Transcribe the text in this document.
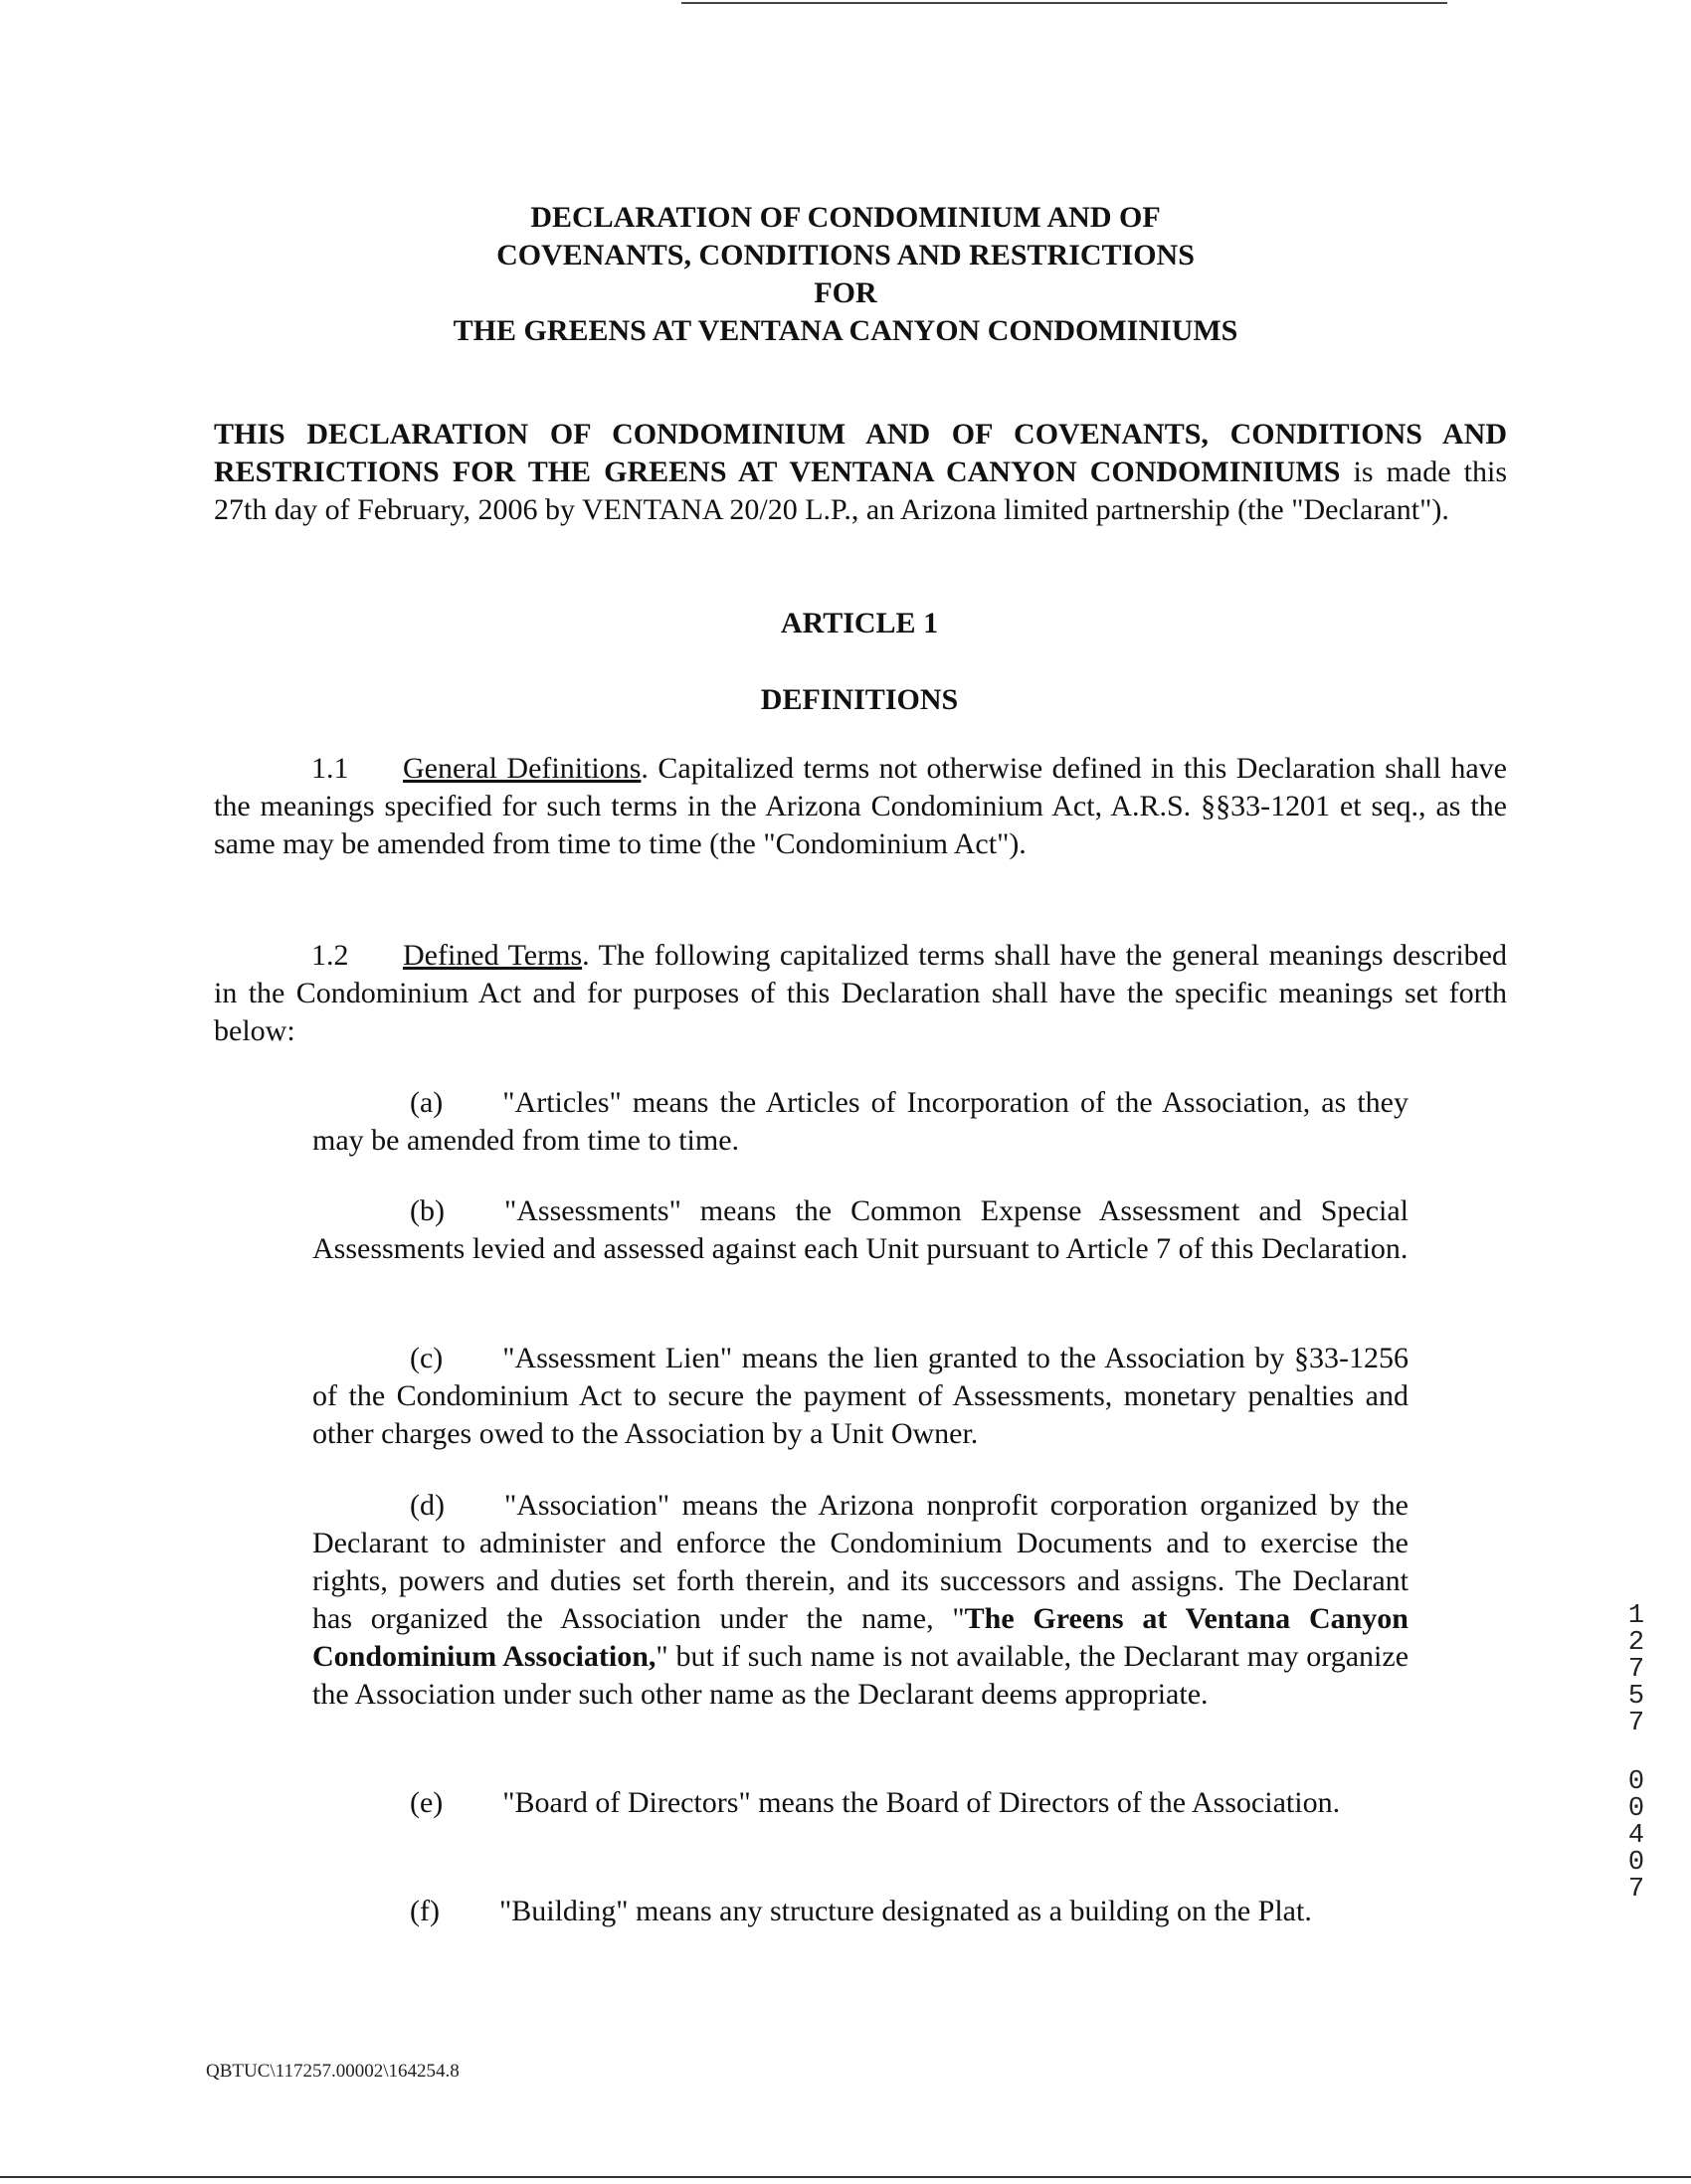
DECLARATION OF CONDOMINIUM AND OF
COVENANTS, CONDITIONS AND RESTRICTIONS
FOR
THE GREENS AT VENTANA CANYON CONDOMINIUMS
THIS DECLARATION OF CONDOMINIUM AND OF COVENANTS, CONDITIONS AND RESTRICTIONS FOR THE GREENS AT VENTANA CANYON CONDOMINIUMS is made this 27th day of February, 2006 by VENTANA 20/20 L.P., an Arizona limited partnership (the "Declarant").
ARTICLE 1
DEFINITIONS
1.1 General Definitions. Capitalized terms not otherwise defined in this Declaration shall have the meanings specified for such terms in the Arizona Condominium Act, A.R.S. §§33-1201 et seq., as the same may be amended from time to time (the "Condominium Act").
1.2 Defined Terms. The following capitalized terms shall have the general meanings described in the Condominium Act and for purposes of this Declaration shall have the specific meanings set forth below:
(a) "Articles" means the Articles of Incorporation of the Association, as they may be amended from time to time.
(b) "Assessments" means the Common Expense Assessment and Special Assessments levied and assessed against each Unit pursuant to Article 7 of this Declaration.
(c) "Assessment Lien" means the lien granted to the Association by §33-1256 of the Condominium Act to secure the payment of Assessments, monetary penalties and other charges owed to the Association by a Unit Owner.
(d) "Association" means the Arizona nonprofit corporation organized by the Declarant to administer and enforce the Condominium Documents and to exercise the rights, powers and duties set forth therein, and its successors and assigns. The Declarant has organized the Association under the name, "The Greens at Ventana Canyon Condominium Association," but if such name is not available, the Declarant may organize the Association under such other name as the Declarant deems appropriate.
(e) "Board of Directors" means the Board of Directors of the Association.
(f) "Building" means any structure designated as a building on the Plat.
1
2
7
5
7
0
0
4
0
7
QBTUC\117257.00002\164254.8
